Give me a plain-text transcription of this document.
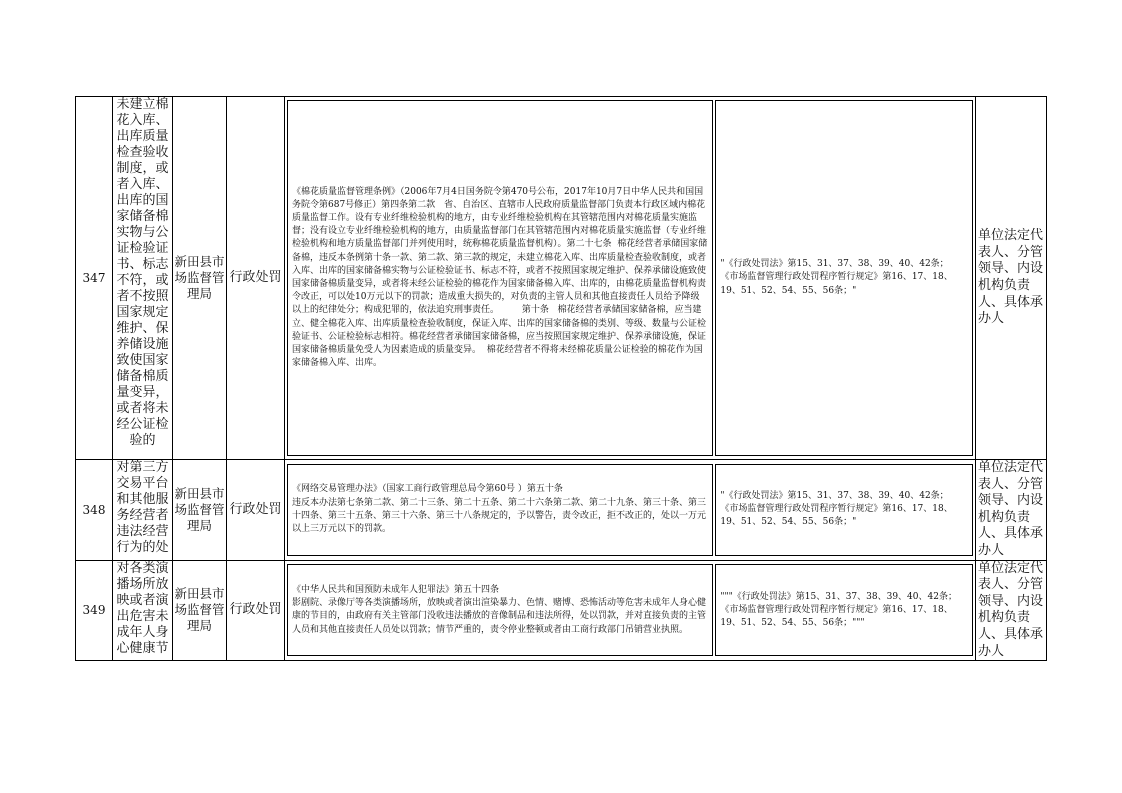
347	未建立棉花入库、出库质量检查验收制度，或者入库、出库的国家储备棉实物与公证检验证书、标志不符，或者不按照国家规定维护、保养储设施致使国家储备棉质量变异，或者将未经公证检验的	新田县市场监督管理局	行政处罚	《棉花质量监督管理条例》（2006年7月4日国务院令第470号公布，2017年10月7日中华人民共和国国务院令第687号修正）第四条第二款　省、自治区、直辖市人民政府质量监督部门负责本行政区域内棉花质量监督工作。设有专业纤维检验机构的地方，由专业纤维检验机构在其管辖范围内对棉花质量实施监督；没有设立专业纤维检验机构的地方，由质量监督部门在其管辖范围内对棉花质量实施监督（专业纤维检验机构和地方质量监督部门并列使用时，统称棉花质量监督机构）。第二十七条  棉花经营者承储国家储备棉，违反本条例第十条一款、第二款、第三款的规定，未建立棉花入库、出库质量检查验收制度，或者入库、出库的国家储备棉实物与公证检验证书、标志不符，或者不按照国家规定维护、保养承储设施致使国家储备棉质量变异，或者将未经公证检验的棉花作为国家储备棉入库、出库的，由棉花质量监督机构责令改正，可以处10万元以下的罚款；造成重大损失的，对负责的主管人员和其他直接责任人员给予降级以上的纪律处分；构成犯罪的，依法追究刑事责任。        第十条   棉花经营者承储国家储备棉，应当建立、健全棉花入库、出库质量检查验收制度，保证入库、出库的国家储备棉的类别、等级、数量与公证检验证书、公证检验标志相符。棉花经营者承储国家储备棉，应当按照国家规定维护、保养承储设施，保证国家储备棉质量免受人为因素造成的质量变异。  棉花经营者不得将未经棉花质量公证检验的棉花作为国家储备棉入库、出库。
"《行政处罚法》第15、31、37、38、39、40、42条；
《市场监督管理行政处罚程序暂行规定》第16、17、18、19、51、52、54、55、56条；"	单位法定代表人、分管领导、内设机构负责人、具体承办人
348	对第三方交易平台和其他服务经营者违法经营行为的处	新田县市场监督管理局	行政处罚	《网络交易管理办法》（国家工商行政管理总局令第60号 ）第五十条
违反本办法第七条第二款、第二十三条、第二十五条、第二十六条第二款、第二十九条、第三十条、第三十四条、第三十五条、第三十六条、第三十八条规定的，予以警告，责令改正，拒不改正的，处以一万元以上三万元以下的罚款。
"《行政处罚法》第15、31、37、38、39、40、42条；
《市场监督管理行政处罚程序暂行规定》第16、17、18、19、51、52、54、55、56条；"	单位法定代表人、分管领导、内设机构负责人、具体承办人
349	对各类演播场所放映或者演出危害未成年人身心健康节	新田县市场监督管理局	行政处罚	《中华人民共和国预防未成年人犯罪法》第五十四条
影剧院、录像厅等各类演播场所，放映或者演出渲染暴力、色情、赌博、恐怖活动等危害未成年人身心健康的节目的，由政府有关主管部门没收违法播放的音像制品和违法所得，处以罚款，并对直接负责的主管人员和其他直接责任人员处以罚款；情节严重的，责令停业整顿或者由工商行政部门吊销营业执照。
"""《行政处罚法》第15、31、37、38、39、40、42条；
《市场监督管理行政处罚程序暂行规定》第16、17、18、19、51、52、54、55、56条；"""	单位法定代表人、分管领导、内设机构负责人、具体承办人
